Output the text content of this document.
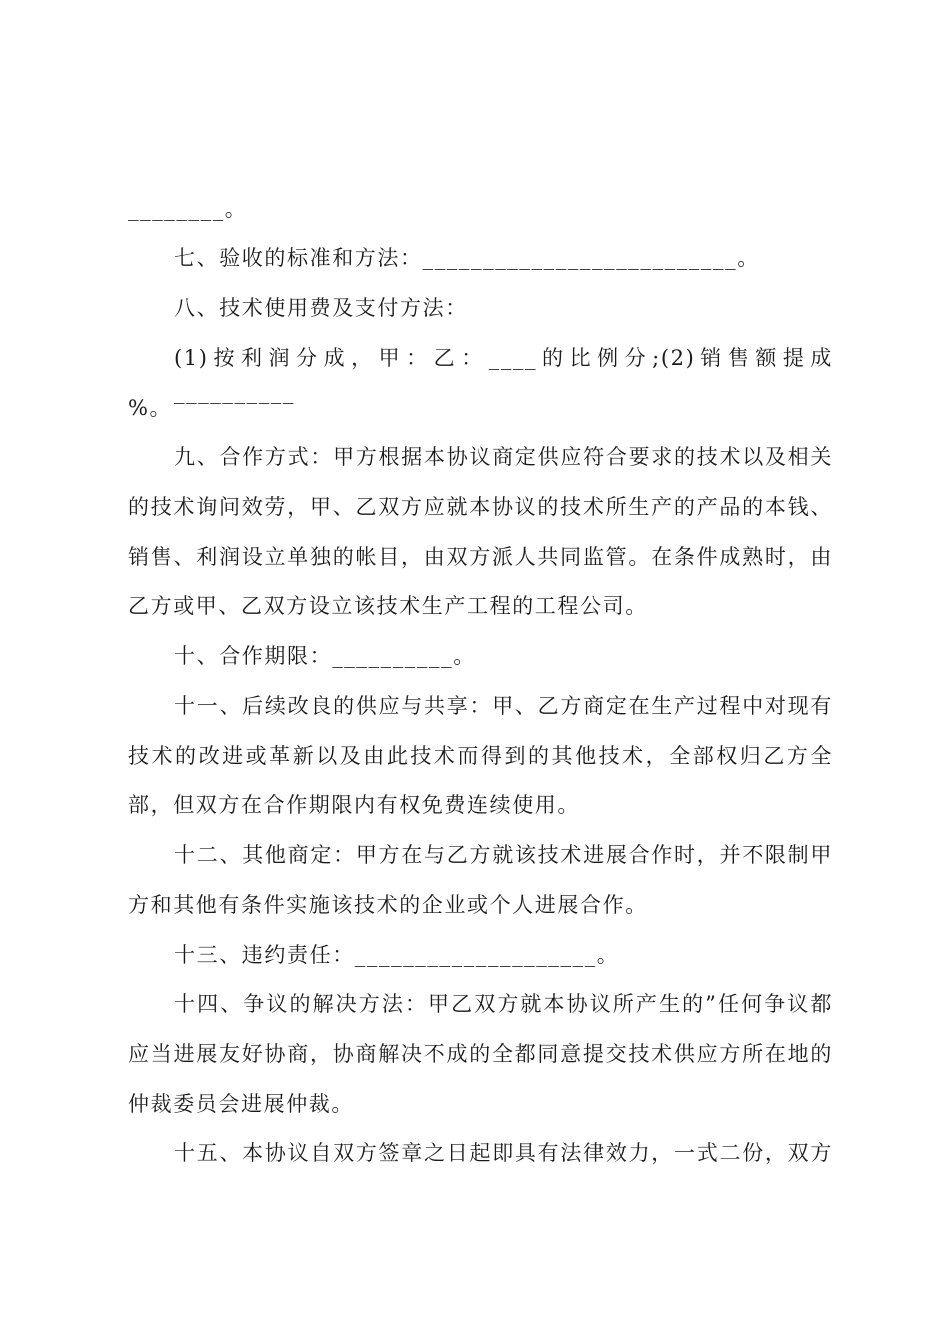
________。
七、验收的标准和方法：__________________________。
八、技术使用费及支付方法：
(1)按利润分成，甲：乙：____的比例分;(2)销售额提成__________
%。
九、合作方式：甲方根据本协议商定供应符合要求的技术以及相关
的技术询问效劳，甲、乙双方应就本协议的技术所生产的产品的本钱、
销售、利润设立单独的帐目，由双方派人共同监管。在条件成熟时，由
乙方或甲、乙双方设立该技术生产工程的工程公司。
十、合作期限：__________。
十一、后续改良的供应与共享：甲、乙方商定在生产过程中对现有
技术的改进或革新以及由此技术而得到的其他技术，全部权归乙方全
部，但双方在合作期限内有权免费连续使用。
十二、其他商定：甲方在与乙方就该技术进展合作时，并不限制甲
方和其他有条件实施该技术的企业或个人进展合作。
十三、违约责任：____________________。
十四、争议的解决方法：甲乙双方就本协议所产生的”任何争议都
应当进展友好协商，协商解决不成的全都同意提交技术供应方所在地的
仲裁委员会进展仲裁。
十五、本协议自双方签章之日起即具有法律效力，一式二份，双方
